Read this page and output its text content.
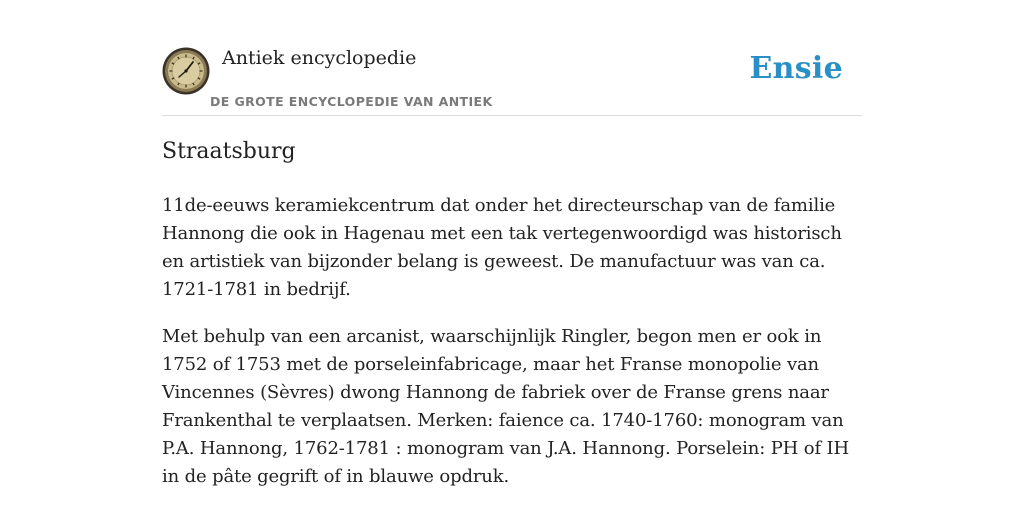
Antiek encyclopedie
DE GROTE ENCYCLOPEDIE VAN ANTIEK
Ensie
Straatsburg

11de-eeuws keramiekcentrum dat onder het directeurschap van de familie Hannong die ook in Hagenau met een tak vertegenwoordigd was historisch en artistiek van bijzonder belang is geweest. De manufactuur was van ca. 1721-1781 in bedrijf.

Met behulp van een arcanist, waarschijnlijk Ringler, begon men er ook in 1752 of 1753 met de porseleinfabricage, maar het Franse monopolie van Vincennes (Sèvres) dwong Hannong de fabriek over de Franse grens naar Frankenthal te verplaatsen. Merken: faience ca. 1740-1760: monogram van P.A. Hannong, 1762-1781 : monogram van J.A. Hannong. Porselein: PH of IH in de pâte gegrift of in blauwe opdruk.
